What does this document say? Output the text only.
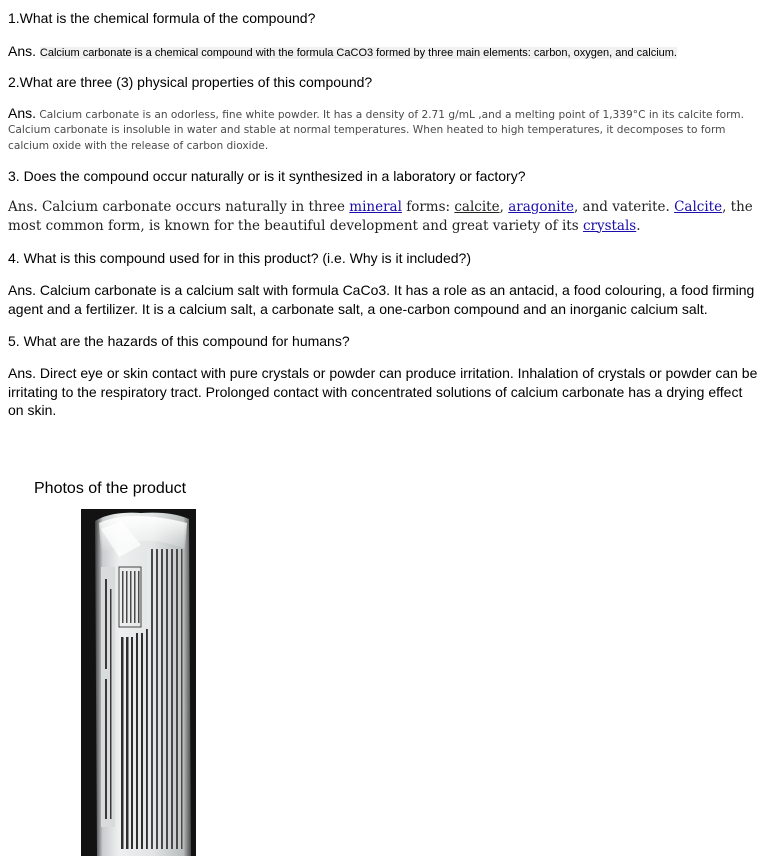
1.What is the chemical formula of the compound?
Ans. Calcium carbonate is a chemical compound with the formula CaCO3 formed by three main elements: carbon, oxygen, and calcium.
2.What are three (3) physical properties of this compound?
Ans. Calcium carbonate is an odorless, fine white powder. It has a density of 2.71 g/mL ,and a melting point of 1,339°C in its calcite form. Calcium carbonate is insoluble in water and stable at normal temperatures. When heated to high temperatures, it decomposes to form calcium oxide with the release of carbon dioxide.
3. Does the compound occur naturally or is it synthesized in a laboratory or factory?
Ans. Calcium carbonate occurs naturally in three mineral forms: calcite, aragonite, and vaterite. Calcite, the most common form, is known for the beautiful development and great variety of its crystals.
4. What is this compound used for in this product? (i.e. Why is it included?)
Ans. Calcium carbonate is a calcium salt with formula CaCo3. It has a role as an antacid, a food colouring, a food firming agent and a fertilizer. It is a calcium salt, a carbonate salt, a one-carbon compound and an inorganic calcium salt.
5. What are the hazards of this compound for humans?
Ans. Direct eye or skin contact with pure crystals or powder can produce irritation. Inhalation of crystals or powder can be irritating to the respiratory tract. Prolonged contact with concentrated solutions of calcium carbonate has a drying effect on skin.
Photos of the product
